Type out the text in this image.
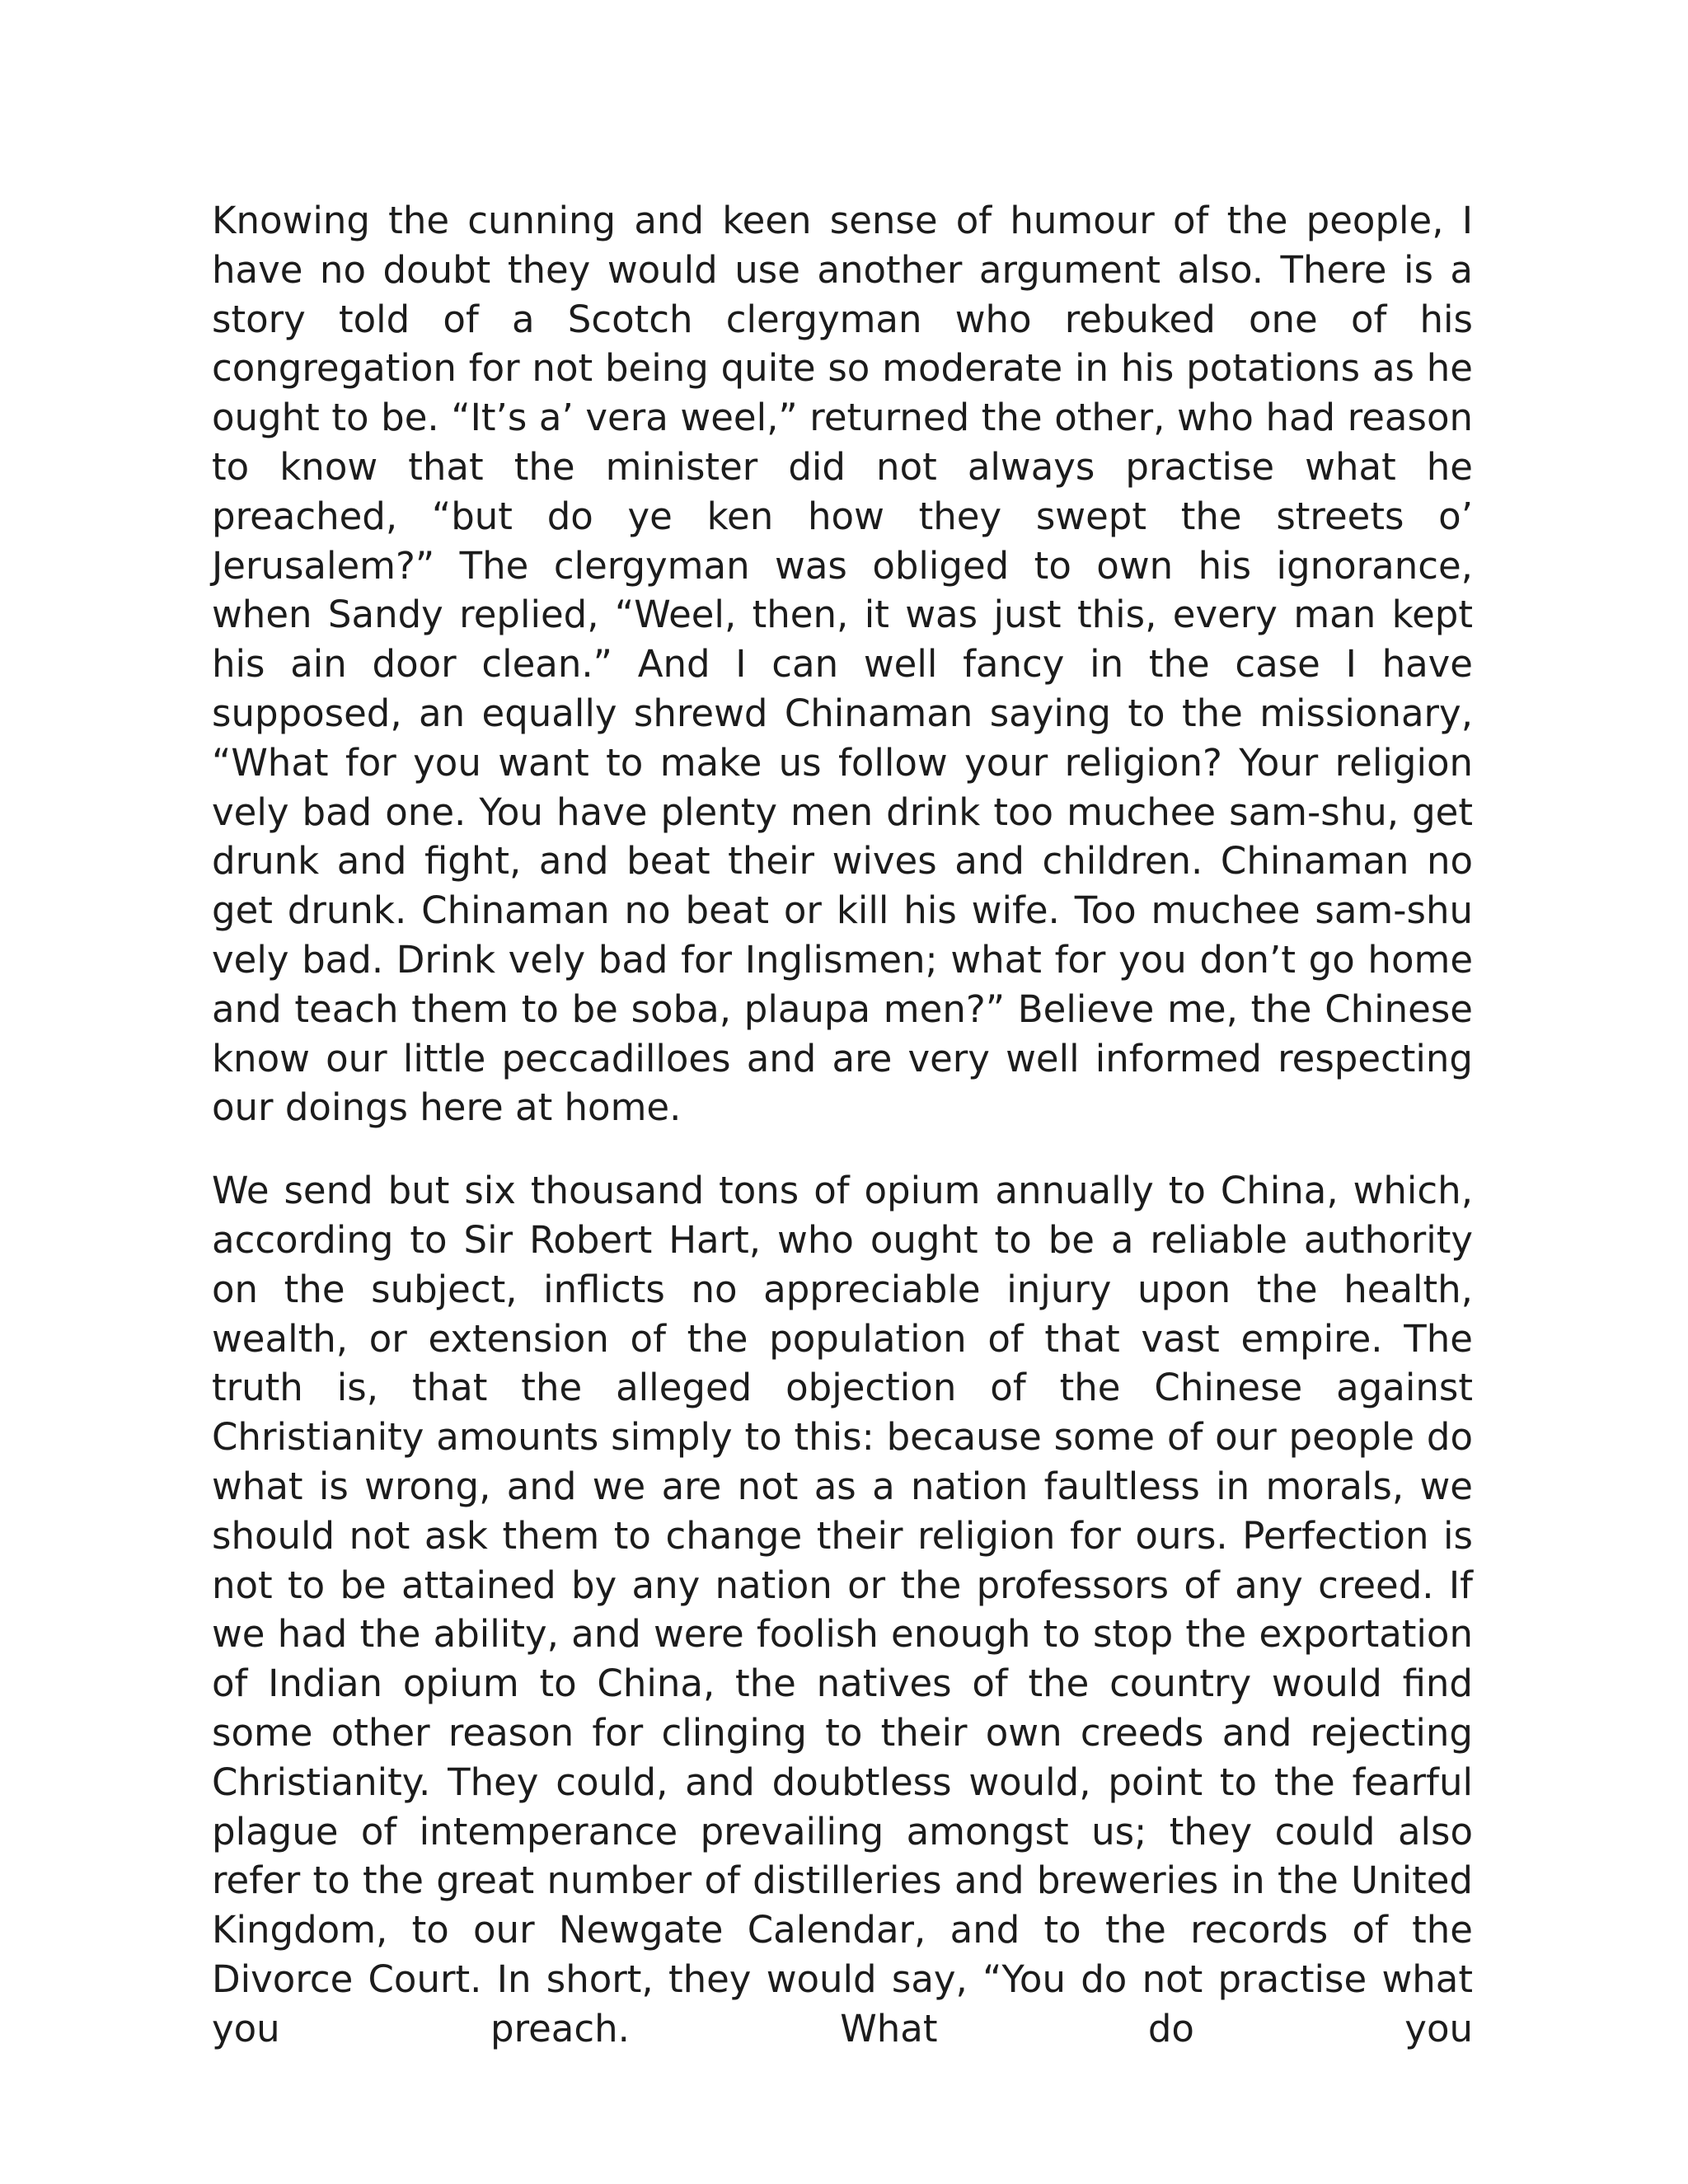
Knowing the cunning and keen sense of humour of the people, I have no doubt they would use another argument also. There is a story told of a Scotch clergyman who rebuked one of his congregation for not being quite so moderate in his potations as he ought to be. “It’s a’ vera weel,” returned the other, who had reason to know that the minister did not always practise what he preached, “but do ye ken how they swept the streets o’ Jerusalem?” The clergyman was obliged to own his ignorance, when Sandy replied, “Weel, then, it was just this, every man kept his ain door clean.” And I can well fancy in the case I have supposed, an equally shrewd Chinaman saying to the missionary, “What for you want to make us follow your religion? Your religion vely bad one. You have plenty men drink too muchee sam-shu, get drunk and fight, and beat their wives and children. Chinaman no get drunk. Chinaman no beat or kill his wife. Too muchee sam-shu vely bad. Drink vely bad for Inglismen; what for you don’t go home and teach them to be soba, plaupa men?” Believe me, the Chinese know our little peccadilloes and are very well informed respecting our doings here at home.

We send but six thousand tons of opium annually to China, which, according to Sir Robert Hart, who ought to be a reliable authority on the subject, inflicts no appreciable injury upon the health, wealth, or extension of the population of that vast empire. The truth is, that the alleged objection of the Chinese against Christianity amounts simply to this: because some of our people do what is wrong, and we are not as a nation faultless in morals, we should not ask them to change their religion for ours. Perfection is not to be attained by any nation or the professors of any creed. If we had the ability, and were foolish enough to stop the exportation of Indian opium to China, the natives of the country would find some other reason for clinging to their own creeds and rejecting Christianity. They could, and doubtless would, point to the fearful plague of intemperance prevailing amongst us; they could also refer to the great number of distilleries and breweries in the United Kingdom, to our Newgate Calendar, and to the records of the Divorce Court. In short, they would say, “You do not practise what you preach. What do you
